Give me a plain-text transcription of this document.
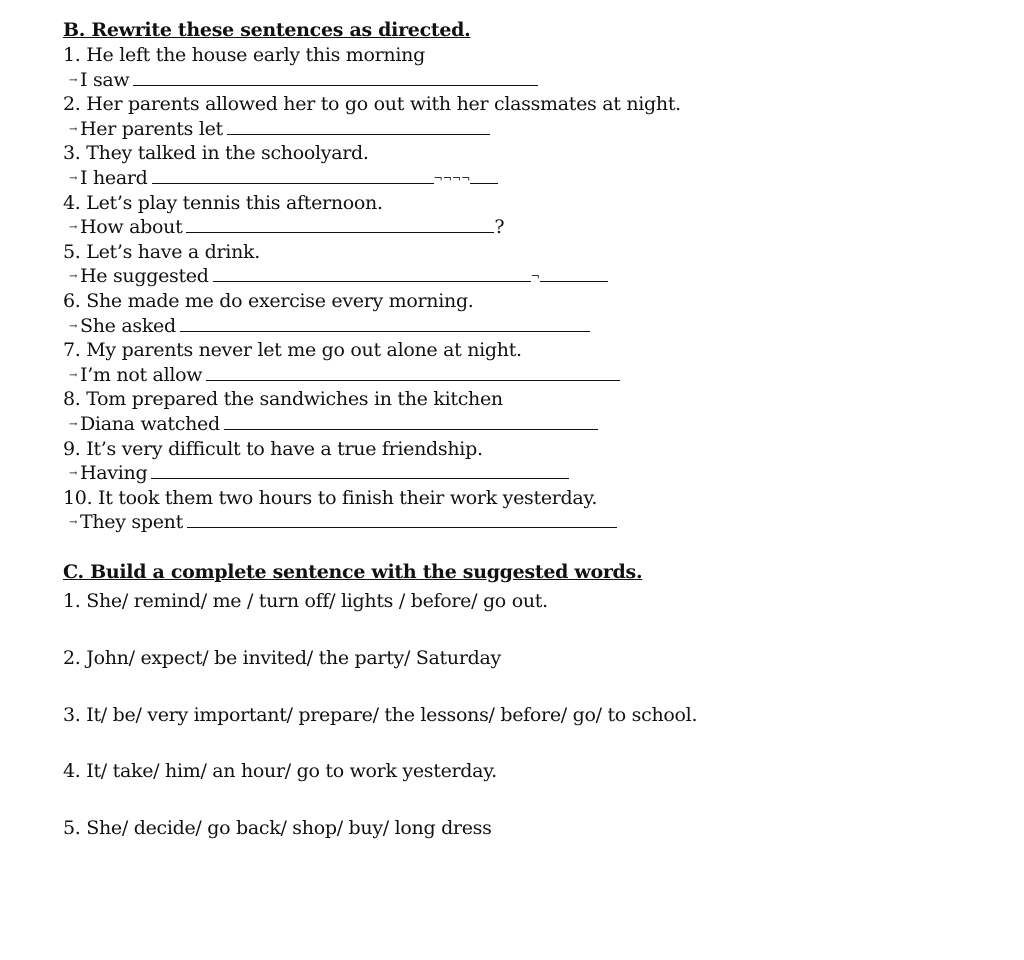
B. Rewrite these sentences as directed.
1. He left the house early this morning
→ I saw
2. Her parents allowed her to go out with her classmates at night.
→ Her parents let
3. They talked in the schoolyard.
→ I heard	¬¬¬¬
4. Let’s play tennis this afternoon.
→ How about	?
5. Let’s have a drink.
→ He suggested	¬
6. She made me do exercise every morning.
→ She asked
7. My parents never let me go out alone at night.
→ I’m not allow
8. Tom prepared the sandwiches in the kitchen
→ Diana watched
9. It’s very difficult to have a true friendship.
→ Having
10. It took them two hours to finish their work yesterday.
→ They spent
C. Build a complete sentence with the suggested words.
1. She/ remind/ me / turn off/ lights / before/ go out.
2. John/ expect/ be invited/ the party/ Saturday
3. It/ be/ very important/ prepare/ the lessons/ before/ go/ to school.
4. It/ take/ him/ an hour/ go to work yesterday.
5. She/ decide/ go back/ shop/ buy/ long dress
